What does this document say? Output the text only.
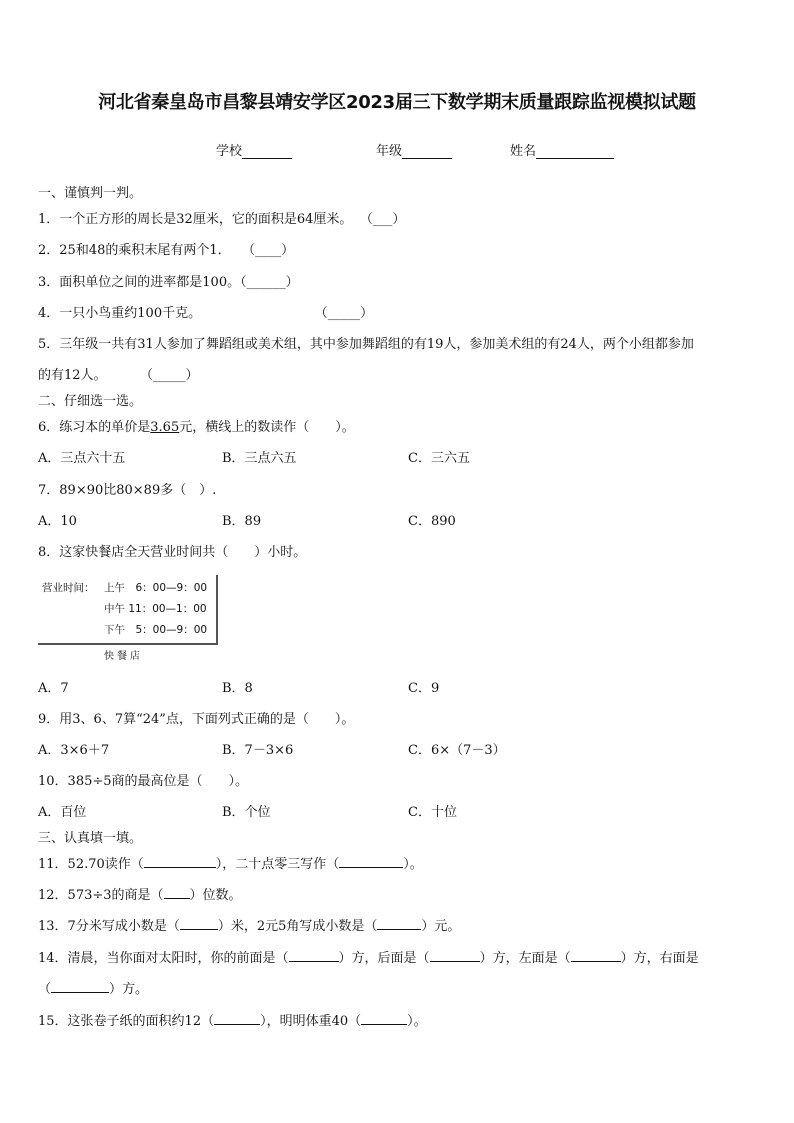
河北省秦皇岛市昌黎县靖安学区2023届三下数学期末质量跟踪监视模拟试题
学校	年级	姓名
一、谨慎判一判。
1．一个正方形的周长是32厘米，它的面积是64厘米。 （___）
2．25和48的乘积末尾有两个1． （____）
3．面积单位之间的进率都是100。（______）
4．一只小鸟重约100千克。	（_____）
5．三年级一共有31人参加了舞蹈组或美术组，其中参加舞蹈组的有19人，参加美术组的有24人，两个小组都参加
的有12人。	（_____）
二、仔细选一选。
6．练习本的单价是3.65元，横线上的数读作（　　）。
A．三点六十五	B．三点六五	C．三六五
7．89×90比80×89多（　）.
A．10	B．89	C．890
8．这家快餐店全天营业时间共（　　）小时。
营业时间： 上午　6：00—9：00
中午 11：00—1：00
下午　5：00—9：00
快餐店
A．7	B．8	C．9
9．用3、6、7算“24”点，下面列式正确的是（　　）。
A．3×6＋7	B．7－3×6	C．6×（7－3）
10．385÷5商的最高位是（　　）。
A．百位	B．个位	C．十位
三、认真填一填。
11．52.70读作（	），二十点零三写作（	）。
12．573÷3的商是（ ）位数。
13．7分米写成小数是（	）米，2元5角写成小数是（	）元。
14．清晨，当你面对太阳时，你的前面是（	）方，后面是（	）方，左面是（	）方，右面是
（	）方。
15．这张卷子纸的面积约12（	），明明体重40（	）。
